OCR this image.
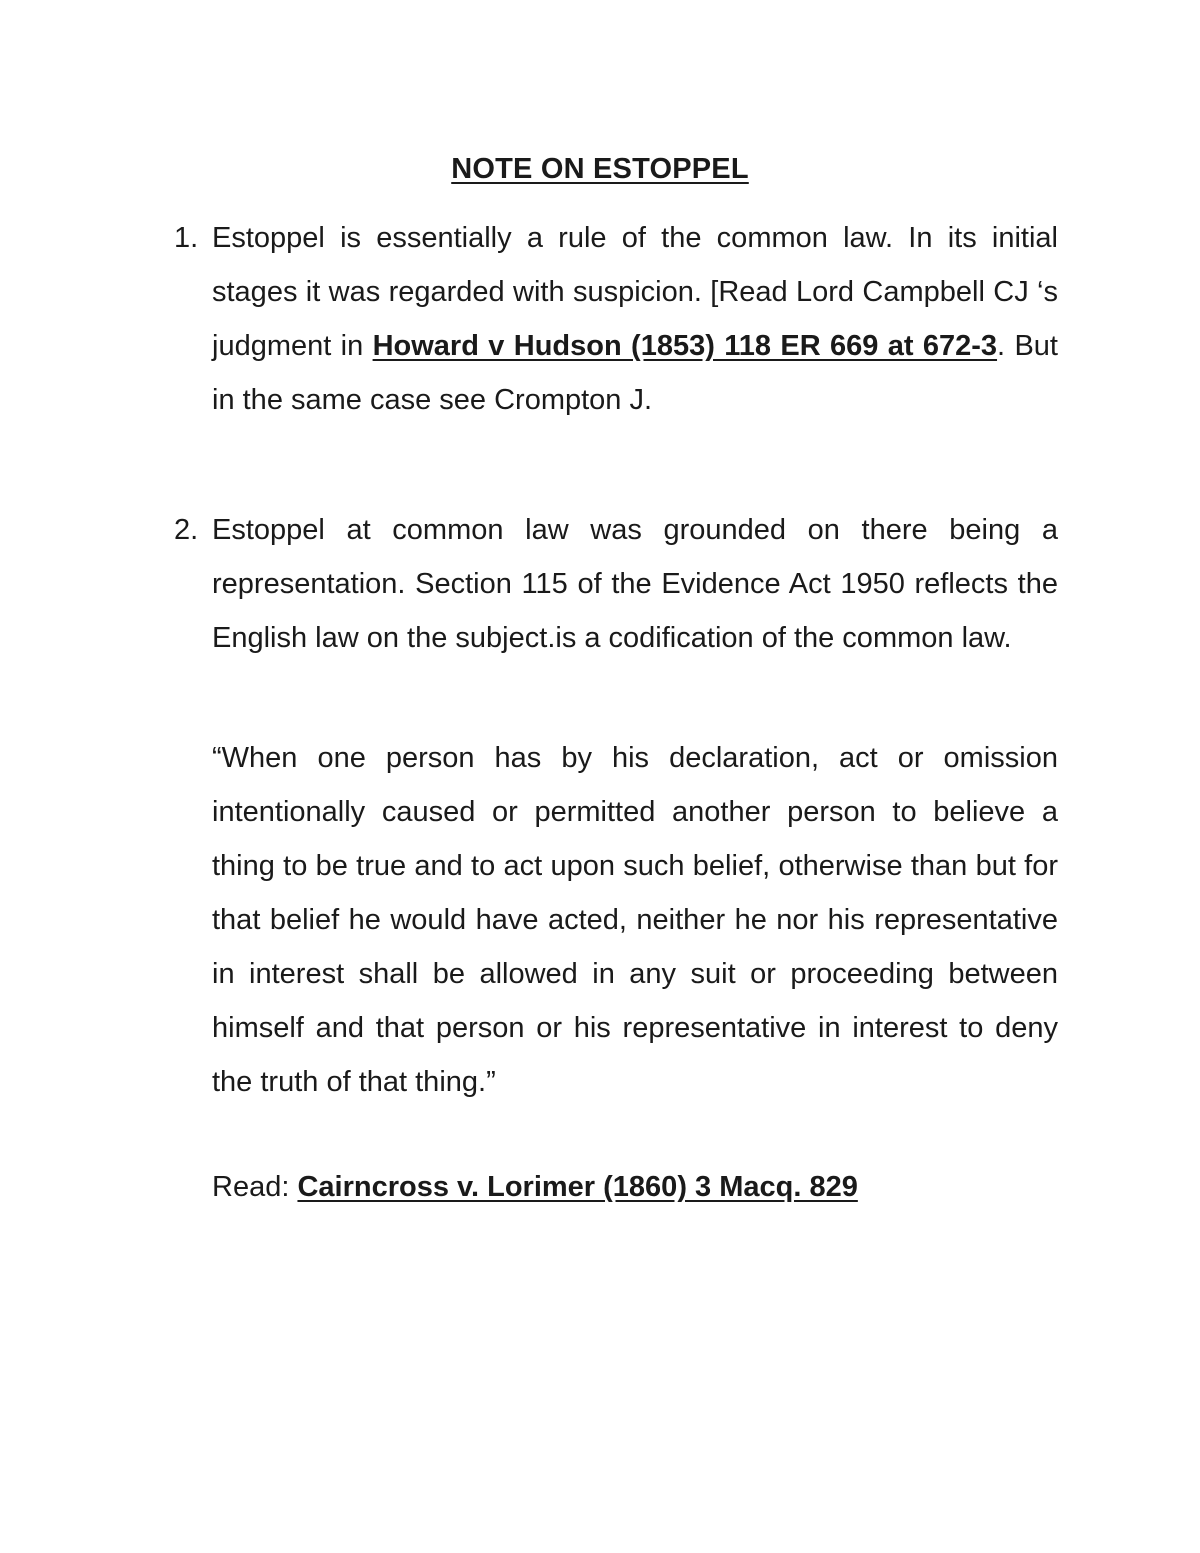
NOTE ON ESTOPPEL
1. Estoppel is essentially a rule of the common law. In its initial stages it was regarded with suspicion. [Read Lord Campbell CJ ‘s judgment in Howard v Hudson (1853) 118 ER 669 at 672-3. But in the same case see Crompton J.

2. Estoppel at common law was grounded on there being a representation. Section 115 of the Evidence Act 1950 reflects the English law on the subject.is a codification of the common law.

“When one person has by his declaration, act or omission intentionally caused or permitted another person to believe a thing to be true and to act upon such belief, otherwise than but for that belief he would have acted, neither he nor his representative in interest shall be allowed in any suit or proceeding between himself and that person or his representative in interest to deny the truth of that thing.”

Read: Cairncross v. Lorimer (1860) 3 Macq. 829
